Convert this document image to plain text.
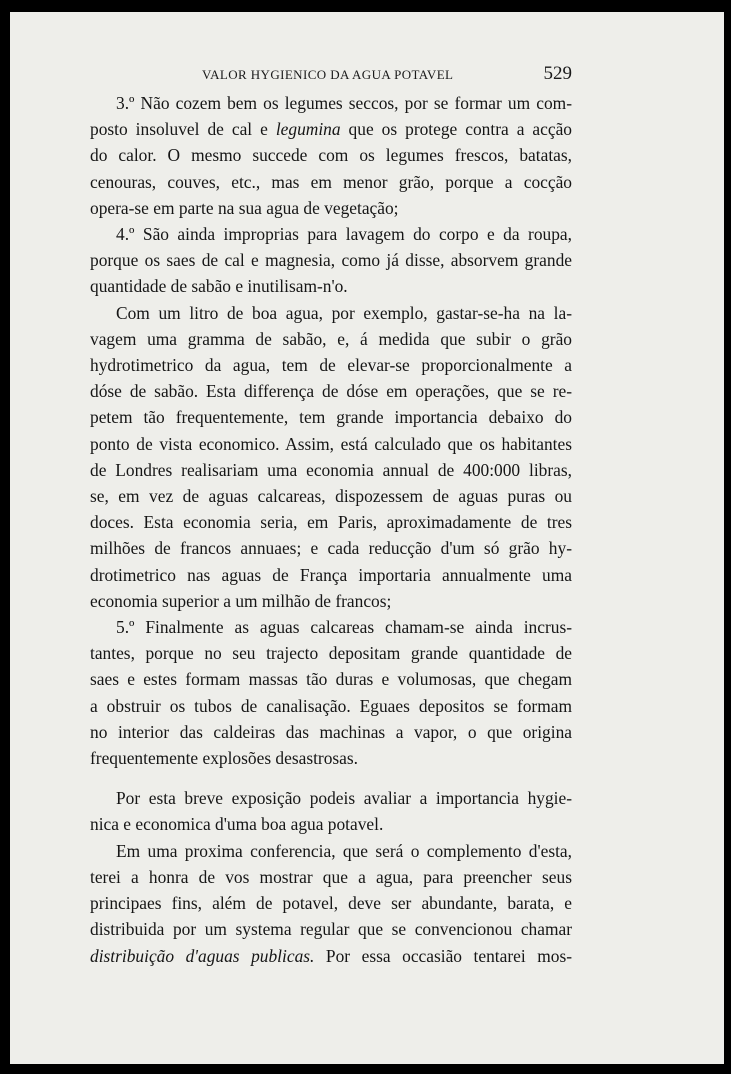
VALOR HYGIENICO DA AGUA POTAVEL	529

3.º Não cozem bem os legumes seccos, por se formar um com-
posto insoluvel de cal e legumina que os protege contra a acção
do calor. O mesmo succede com os legumes frescos, batatas,
cenouras, couves, etc., mas em menor grão, porque a cocção
opera-se em parte na sua agua de vegetação;

4.º São ainda improprias para lavagem do corpo e da roupa,
porque os saes de cal e magnesia, como já disse, absorvem grande
quantidade de sabão e inutilisam-n'o.

Com um litro de boa agua, por exemplo, gastar-se-ha na la-
vagem uma gramma de sabão, e, á medida que subir o grão
hydrotimetrico da agua, tem de elevar-se proporcionalmente a
dóse de sabão. Esta differença de dóse em operações, que se re-
petem tão frequentemente, tem grande importancia debaixo do
ponto de vista economico. Assim, está calculado que os habitantes
de Londres realisariam uma economia annual de 400:000 libras,
se, em vez de aguas calcareas, dispozessem de aguas puras ou
doces. Esta economia seria, em Paris, aproximadamente de tres
milhões de francos annuaes; e cada reducção d'um só grão hy-
drotimetrico nas aguas de França importaria annualmente uma
economia superior a um milhão de francos;

5.º Finalmente as aguas calcareas chamam-se ainda incrus-
tantes, porque no seu trajecto depositam grande quantidade de
saes e estes formam massas tão duras e volumosas, que chegam
a obstruir os tubos de canalisação. Eguaes depositos se formam
no interior das caldeiras das machinas a vapor, o que origina
frequentemente explosões desastrosas.

Por esta breve exposição podeis avaliar a importancia hygie-
nica e economica d'uma boa agua potavel.

Em uma proxima conferencia, que será o complemento d'esta,
terei a honra de vos mostrar que a agua, para preencher seus
principaes fins, além de potavel, deve ser abundante, barata, e
distribuida por um systema regular que se convencionou chamar
distribuição d'aguas publicas. Por essa occasião tentarei mos-
